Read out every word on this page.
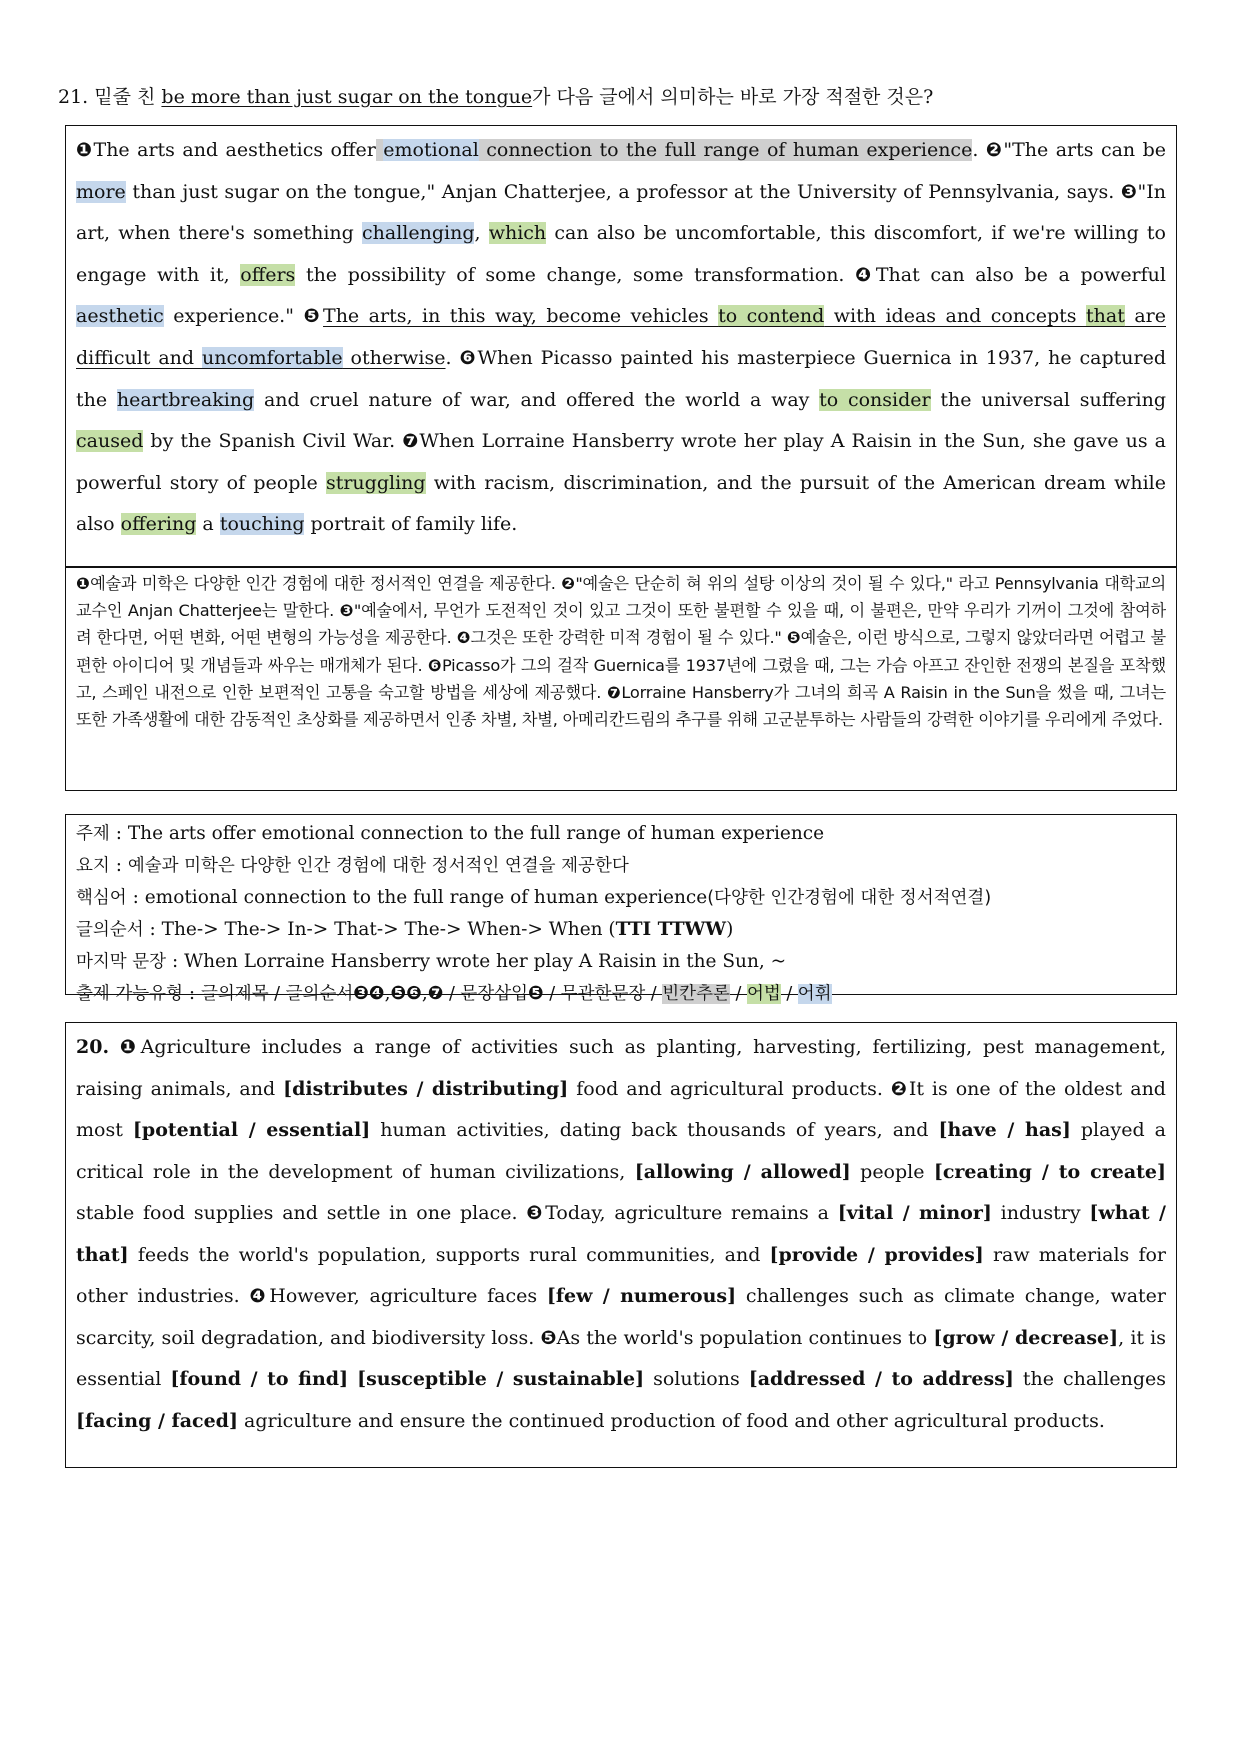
21. 밑줄 친 be more than just sugar on the tongue가 다음 글에서 의미하는 바로 가장 적절한 것은?
❶The arts and aesthetics offer emotional connection to the full range of human experience. ❷"The arts can be more than just sugar on the tongue," Anjan Chatterjee, a professor at the University of Pennsylvania, says. ❸"In art, when there's something challenging, which can also be uncomfortable, this discomfort, if we're willing to engage with it, offers the possibility of some change, some transformation. ❹That can also be a powerful aesthetic experience." ❺The arts, in this way, become vehicles to contend with ideas and concepts that are difficult and uncomfortable otherwise. ❻When Picasso painted his masterpiece Guernica in 1937, he captured the heartbreaking and cruel nature of war, and offered the world a way to consider the universal suffering caused by the Spanish Civil War. ❼When Lorraine Hansberry wrote her play A Raisin in the Sun, she gave us a powerful story of people struggling with racism, discrimination, and the pursuit of the American dream while also offering a touching portrait of family life.
❶예술과 미학은 다양한 인간 경험에 대한 정서적인 연결을 제공한다. ❷"예술은 단순히 혀 위의 설탕 이상의 것이 될 수 있다," 라고 Pennsylvania 대학교의 교수인 Anjan Chatterjee는 말한다. ❸"예술에서, 무언가 도전적인 것이 있고 그것이 또한 불편할 수 있을 때, 이 불편은, 만약 우리가 기꺼이 그것에 참여하려 한다면, 어떤 변화, 어떤 변형의 가능성을 제공한다. ❹그것은 또한 강력한 미적 경험이 될 수 있다." ❺예술은, 이런 방식으로, 그렇지 않았더라면 어렵고 불편한 아이디어 및 개념들과 싸우는 매개체가 된다. ❻Picasso가 그의 걸작 Guernica를 1937년에 그렸을 때, 그는 가슴 아프고 잔인한 전쟁의 본질을 포착했고, 스페인 내전으로 인한 보편적인 고통을 숙고할 방법을 세상에 제공했다. ❼Lorraine Hansberry가 그녀의 희곡 A Raisin in the Sun을 썼을 때, 그녀는 또한 가족생활에 대한 감동적인 초상화를 제공하면서 인종 차별, 차별, 아메리칸드림의 추구를 위해 고군분투하는 사람들의 강력한 이야기를 우리에게 주었다.
주제 : The arts offer emotional connection to the full range of human experience
요지 : 예술과 미학은 다양한 인간 경험에 대한 정서적인 연결을 제공한다
핵심어 : emotional connection to the full range of human experience(다양한 인간경험에 대한 정서적연결)
글의순서 : The-> The-> In-> That-> The-> When-> When (TTI TTWW)
마지막 문장 : When Lorraine Hansberry wrote her play A Raisin in the Sun, ~
출제 가능유형 : 글의제목 / 글의순서❸❹,❺❻,❼ / 문장삽입❺ / 무관한문장 / 빈칸추론 / 어법 / 어휘
20. ❶Agriculture includes a range of activities such as planting, harvesting, fertilizing, pest management, raising animals, and [distributes / distributing] food and agricultural products. ❷It is one of the oldest and most [potential / essential] human activities, dating back thousands of years, and [have / has] played a critical role in the development of human civilizations, [allowing / allowed] people [creating / to create] stable food supplies and settle in one place. ❸Today, agriculture remains a [vital / minor] industry [what / that] feeds the world's population, supports rural communities, and [provide / provides] raw materials for other industries. ❹However, agriculture faces [few / numerous] challenges such as climate change, water scarcity, soil degradation, and biodiversity loss. ❺As the world's population continues to [grow / decrease], it is essential [found / to find] [susceptible / sustainable] solutions [addressed / to address] the challenges [facing / faced] agriculture and ensure the continued production of food and other agricultural products.
